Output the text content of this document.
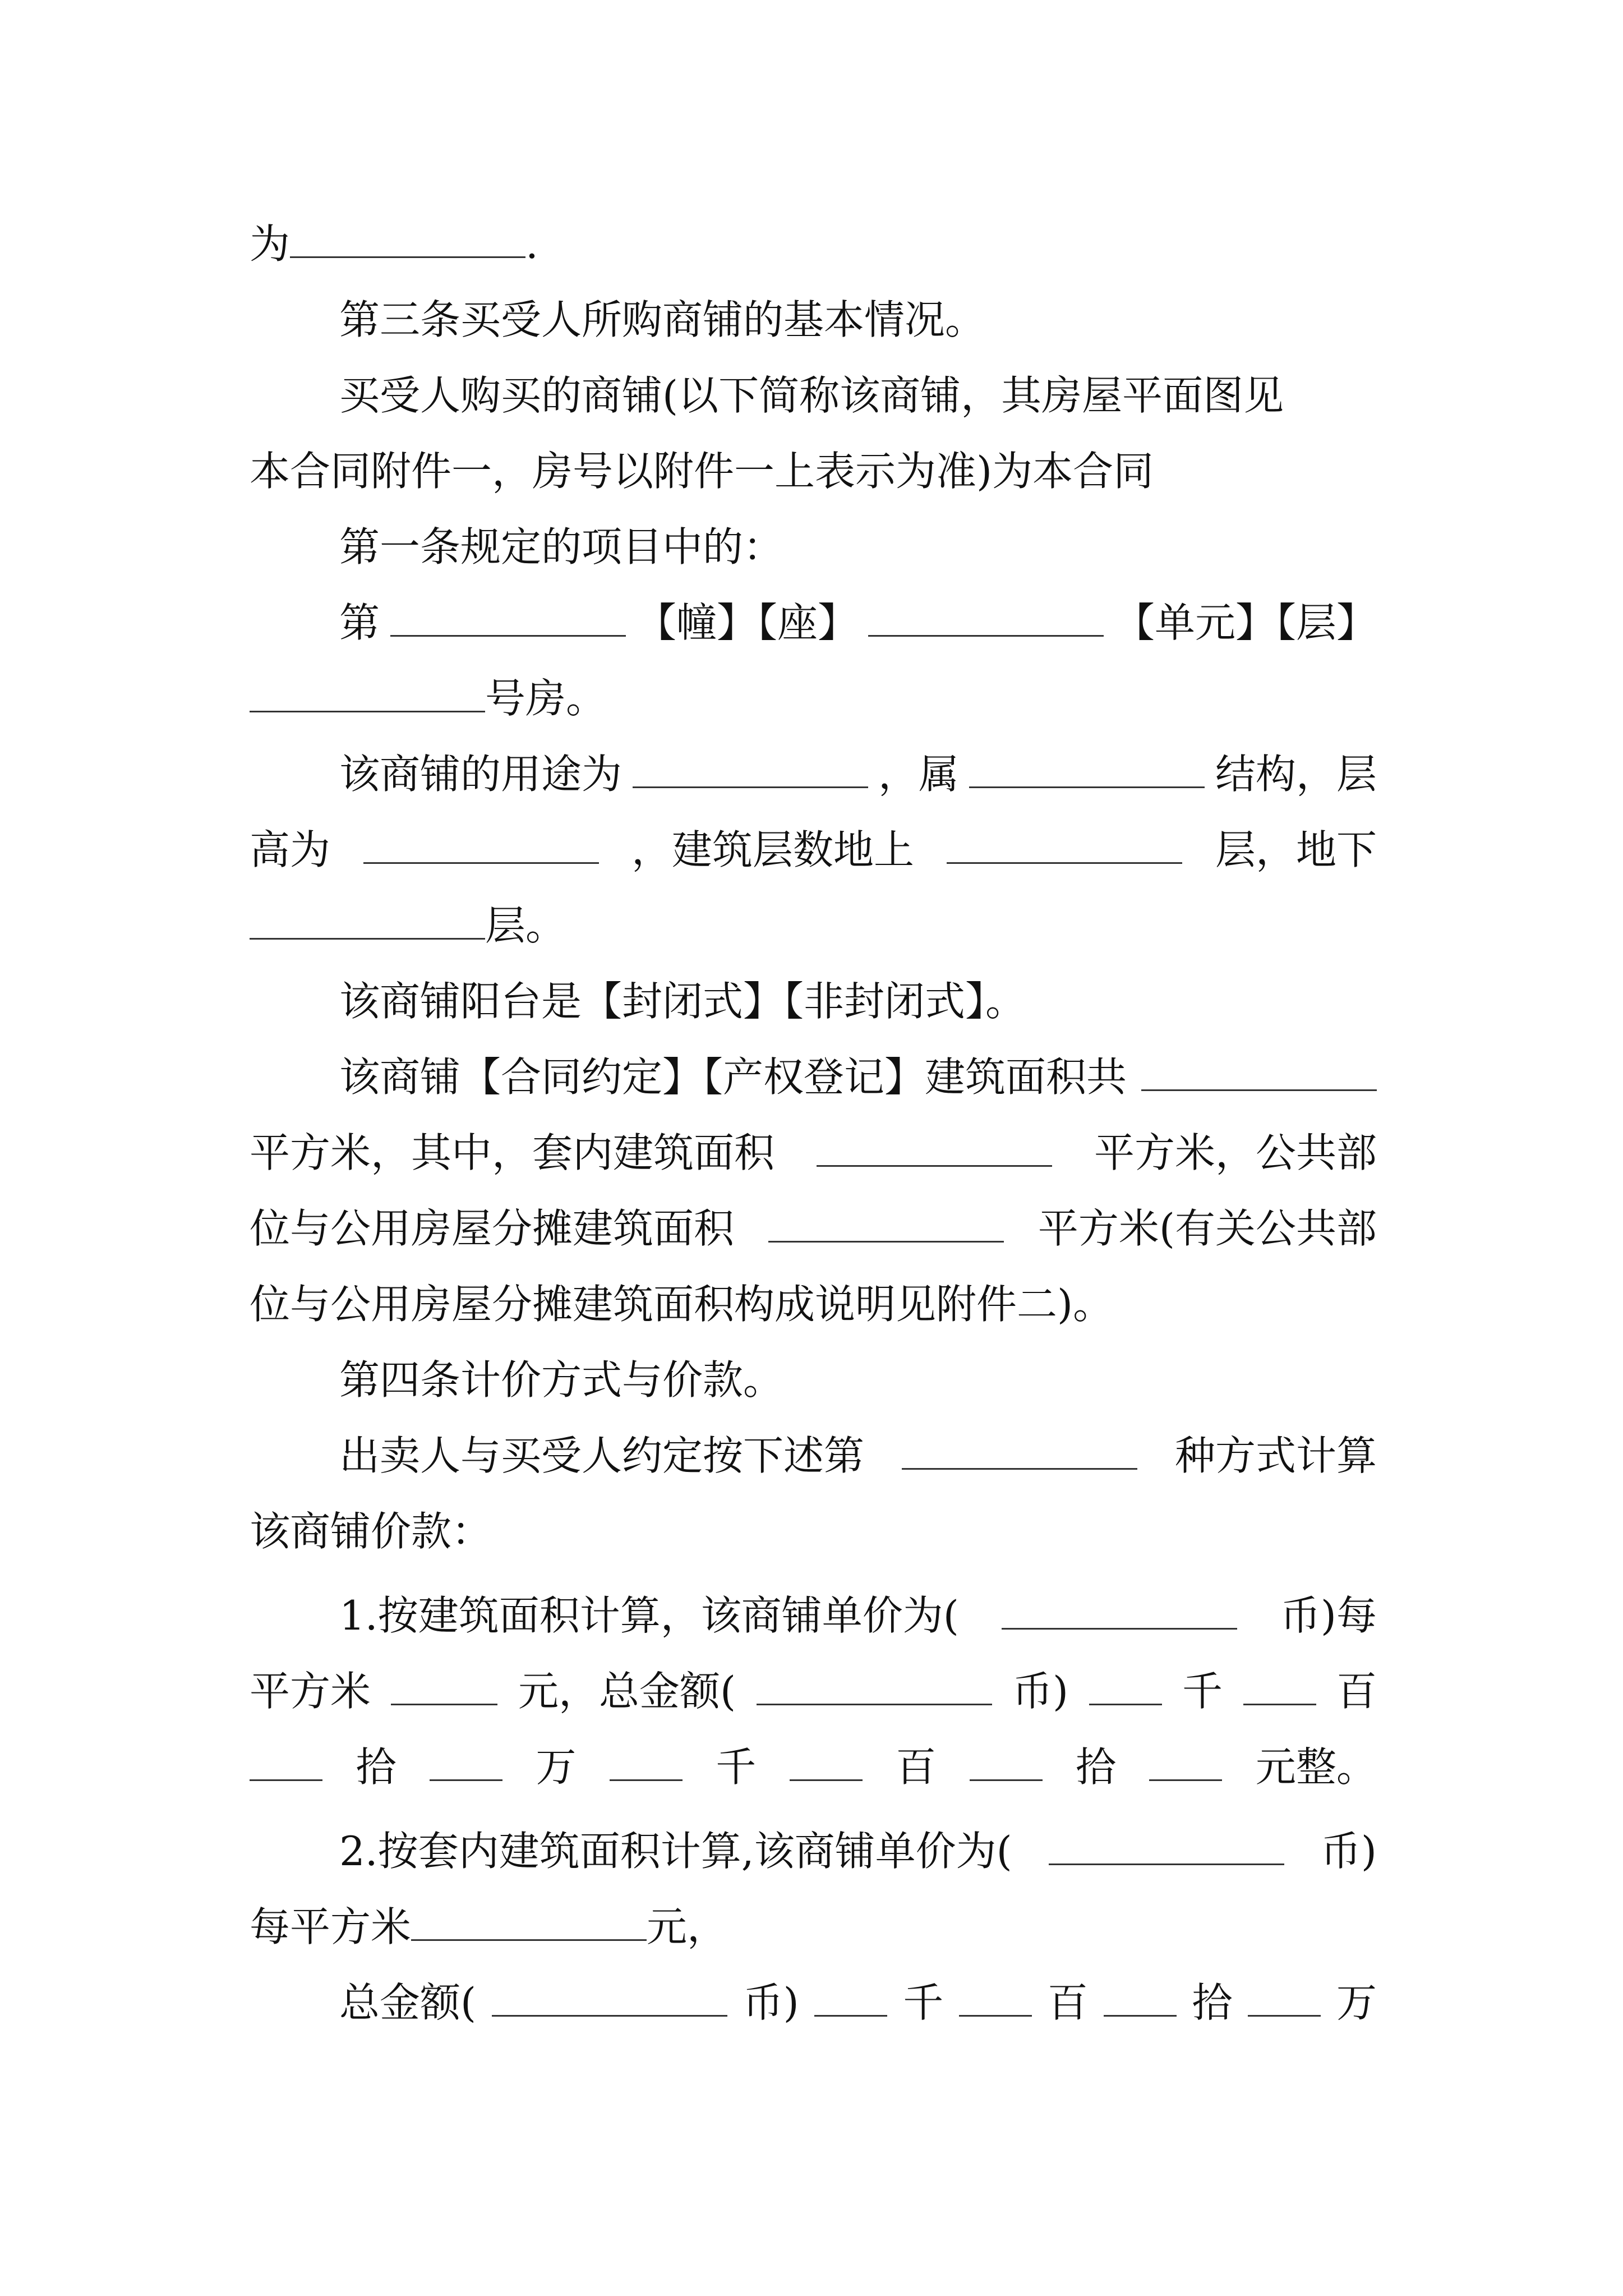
为	.
第三条买受人所购商铺的基本情况。
买受人购买的商铺(以下简称该商铺，其房屋平面图见
本合同附件一，房号以附件一上表示为准)为本合同
第一条规定的项目中的：
第	【幢】【座】	【单元】【层】
号房。
该商铺的用途为	，属	结构，层
高为	，建筑层数地上	层，地下
层。
该商铺阳台是【封闭式】【非封闭式】。
该商铺【合同约定】【产权登记】建筑面积共
平方米，其中，套内建筑面积	平方米，公共部
位与公用房屋分摊建筑面积	平方米(有关公共部
位与公用房屋分摊建筑面积构成说明见附件二)。
第四条计价方式与价款。
出卖人与买受人约定按下述第	种方式计算
该商铺价款：
1.按建筑面积计算，该商铺单价为(	币)每
平方米	元，总金额(	币)	千	百
拾	万	千	百	拾	元整。
2.按套内建筑面积计算,该商铺单价为(	币)
每平方米	元，
总金额(	币)	千	百	拾	万
